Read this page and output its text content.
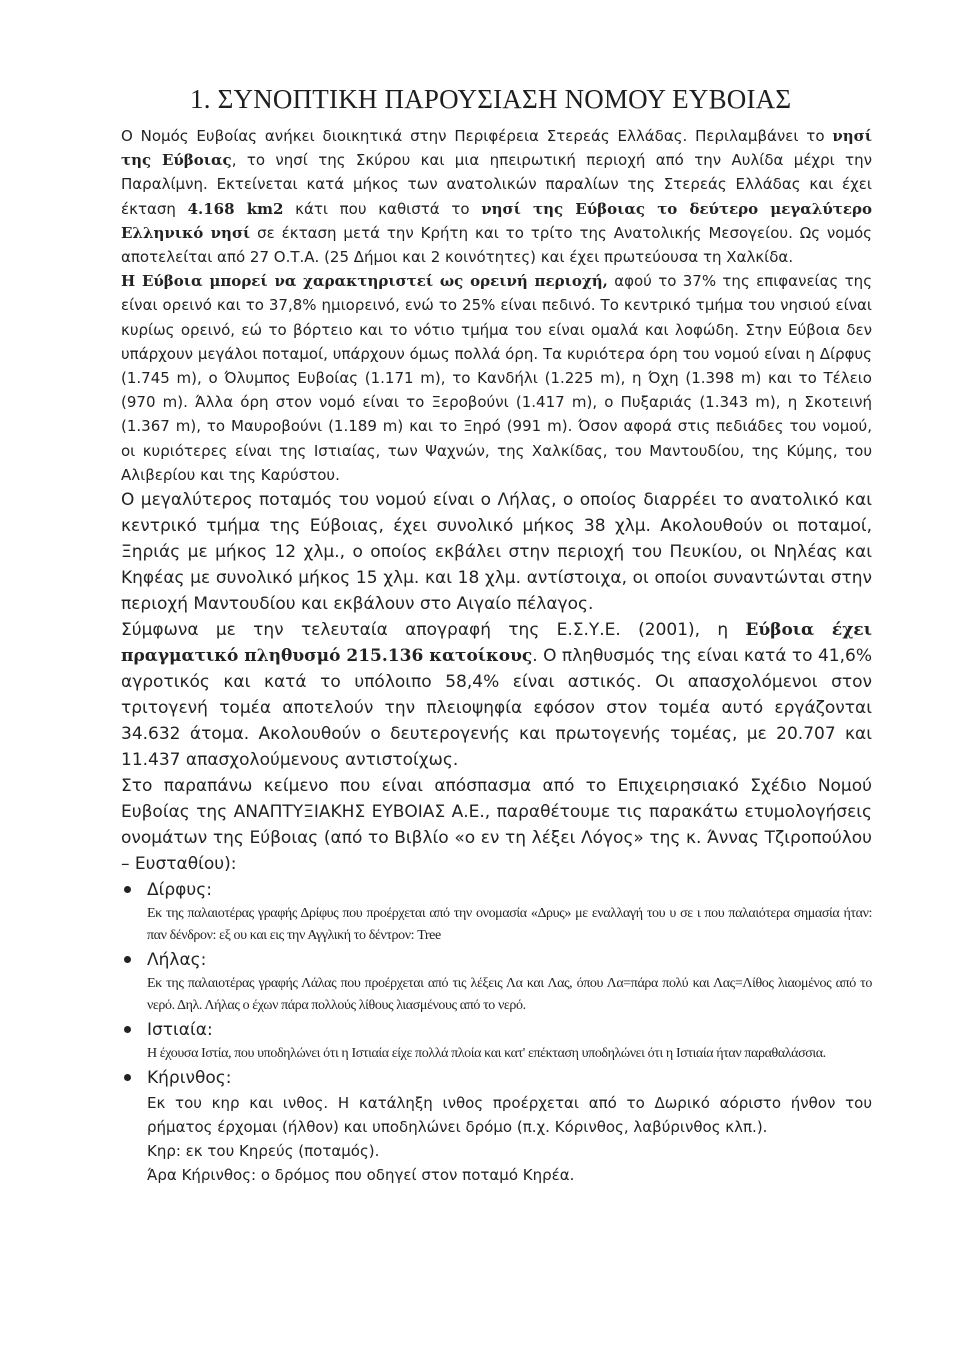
1. ΣΥΝΟΠΤΙΚΗ ΠΑΡΟΥΣΙΑΣΗ ΝΟΜΟΥ ΕΥΒΟΙΑΣ

Ο Νομός Ευβοίας ανήκει διοικητικά στην Περιφέρεια Στερεάς Ελλάδας. Περιλαμβάνει το νησί της Εύβοιας, το νησί της Σκύρου και μια ηπειρωτική περιοχή από την Αυλίδα μέχρι την Παραλίμνη. Εκτείνεται κατά μήκος των ανατολικών παραλίων της Στερεάς Ελλάδας και έχει έκταση 4.168 km2 κάτι που καθιστά το νησί της Εύβοιας το δεύτερο μεγαλύτερο Ελληνικό νησί σε έκταση μετά την Κρήτη και το τρίτο της Ανατολικής Μεσογείου. Ως νομός αποτελείται από 27 Ο.Τ.Α. (25 Δήμοι και 2 κοινότητες) και έχει πρωτεύουσα τη Χαλκίδα.

Η Εύβοια μπορεί να χαρακτηριστεί ως ορεινή περιοχή, αφού το 37% της επιφανείας της είναι ορεινό και το 37,8% ημιορεινό, ενώ το 25% είναι πεδινό. Το κεντρικό τμήμα του νησιού είναι κυρίως ορεινό, εώ το βόρτειο και το νότιο τμήμα του είναι ομαλά και λοφώδη. Στην Εύβοια δεν υπάρχουν μεγάλοι ποταμοί, υπάρχουν όμως πολλά όρη. Τα κυριότερα όρη του νομού είναι η Δίρφυς (1.745 m), ο Όλυμπος Ευβοίας (1.171 m), το Κανδήλι (1.225 m), η Όχη (1.398 m) και το Τέλειο (970 m). Άλλα όρη στον νομό είναι το Ξεροβούνι (1.417 m), ο Πυξαριάς (1.343 m), η Σκοτεινή (1.367 m), το Μαυροβούνι (1.189 m) και το Ξηρό (991 m). Όσον αφορά στις πεδιάδες του νομού, οι κυριότερες είναι της Ιστιαίας, των Ψαχνών, της Χαλκίδας, του Μαντουδίου, της Κύμης, του Αλιβερίου και της Καρύστου.

Ο μεγαλύτερος ποταμός του νομού είναι ο Λήλας, ο οποίος διαρρέει το ανατολικό και κεντρικό τμήμα της Εύβοιας, έχει συνολικό μήκος 38 χλμ. Ακολουθούν οι ποταμοί, Ξηριάς με μήκος 12 χλμ., ο οποίος εκβάλει στην περιοχή του Πευκίου, οι Νηλέας και Κηφέας με συνολικό μήκος 15 χλμ. και 18 χλμ. αντίστοιχα, οι οποίοι συναντώνται στην περιοχή Μαντουδίου και εκβάλουν στο Αιγαίο πέλαγος.

Σύμφωνα με την τελευταία απογραφή της Ε.Σ.Υ.Ε. (2001), η Εύβοια έχει πραγματικό πληθυσμό 215.136 κατοίκους. Ο πληθυσμός της είναι κατά το 41,6% αγροτικός και κατά το υπόλοιπο 58,4% είναι αστικός. Οι απασχολόμενοι στον τριτογενή τομέα αποτελούν την πλειοψηφία εφόσον στον τομέα αυτό εργάζονται 34.632 άτομα. Ακολουθούν ο δευτερογενής και πρωτογενής τομέας, με 20.707 και 11.437 απασχολούμενους αντιστοίχως.

Στο παραπάνω κείμενο που είναι απόσπασμα από το Επιχειρησιακό Σχέδιο Νομού Ευβοίας της ΑΝΑΠΤΥΞΙΑΚΗΣ ΕΥΒΟΙΑΣ Α.Ε., παραθέτουμε τις παρακάτω ετυμολογήσεις ονομάτων της Εύβοιας (από το Βιβλίο «ο εν τη λέξει Λόγος» της κ. Άννας Τζιροπούλου – Ευσταθίου):

Δίρφυς:
Εκ της παλαιοτέρας γραφής Δρίφυς που προέρχεται από την ονομασία «Δρυς» με εναλλαγή του υ σε ι που παλαιότερα σημασία ήταν: παν δένδρον: εξ ου και εις την Αγγλική το δέντρον: Tree
Λήλας:
Εκ της παλαιοτέρας γραφής Λάλας που προέρχεται από τις λέξεις Λα και Λας, όπου Λα=πάρα πολύ και Λας=Λίθος λιαομένος από το νερό. Δηλ. Λήλας ο έχων πάρα πολλούς λίθους λιασμένους από το νερό.
Ιστιαία:
Η έχουσα Ιστία, που υποδηλώνει ότι η Ιστιαία είχε πολλά πλοία και κατ' επέκταση υποδηλώνει ότι η Ιστιαία ήταν παραθαλάσσια.
Κήρινθος:
Εκ του κηρ και ινθος. Η κατάληξη ινθος προέρχεται από το Δωρικό αόριστο ήνθον του ρήματος έρχομαι (ήλθον) και υποδηλώνει δρόμο (π.χ. Κόρινθος, λαβύρινθος κλπ.).
Κηρ: εκ του Κηρεύς (ποταμός).
Άρα Κήρινθος: ο δρόμος που οδηγεί στον ποταμό Κηρέα.
